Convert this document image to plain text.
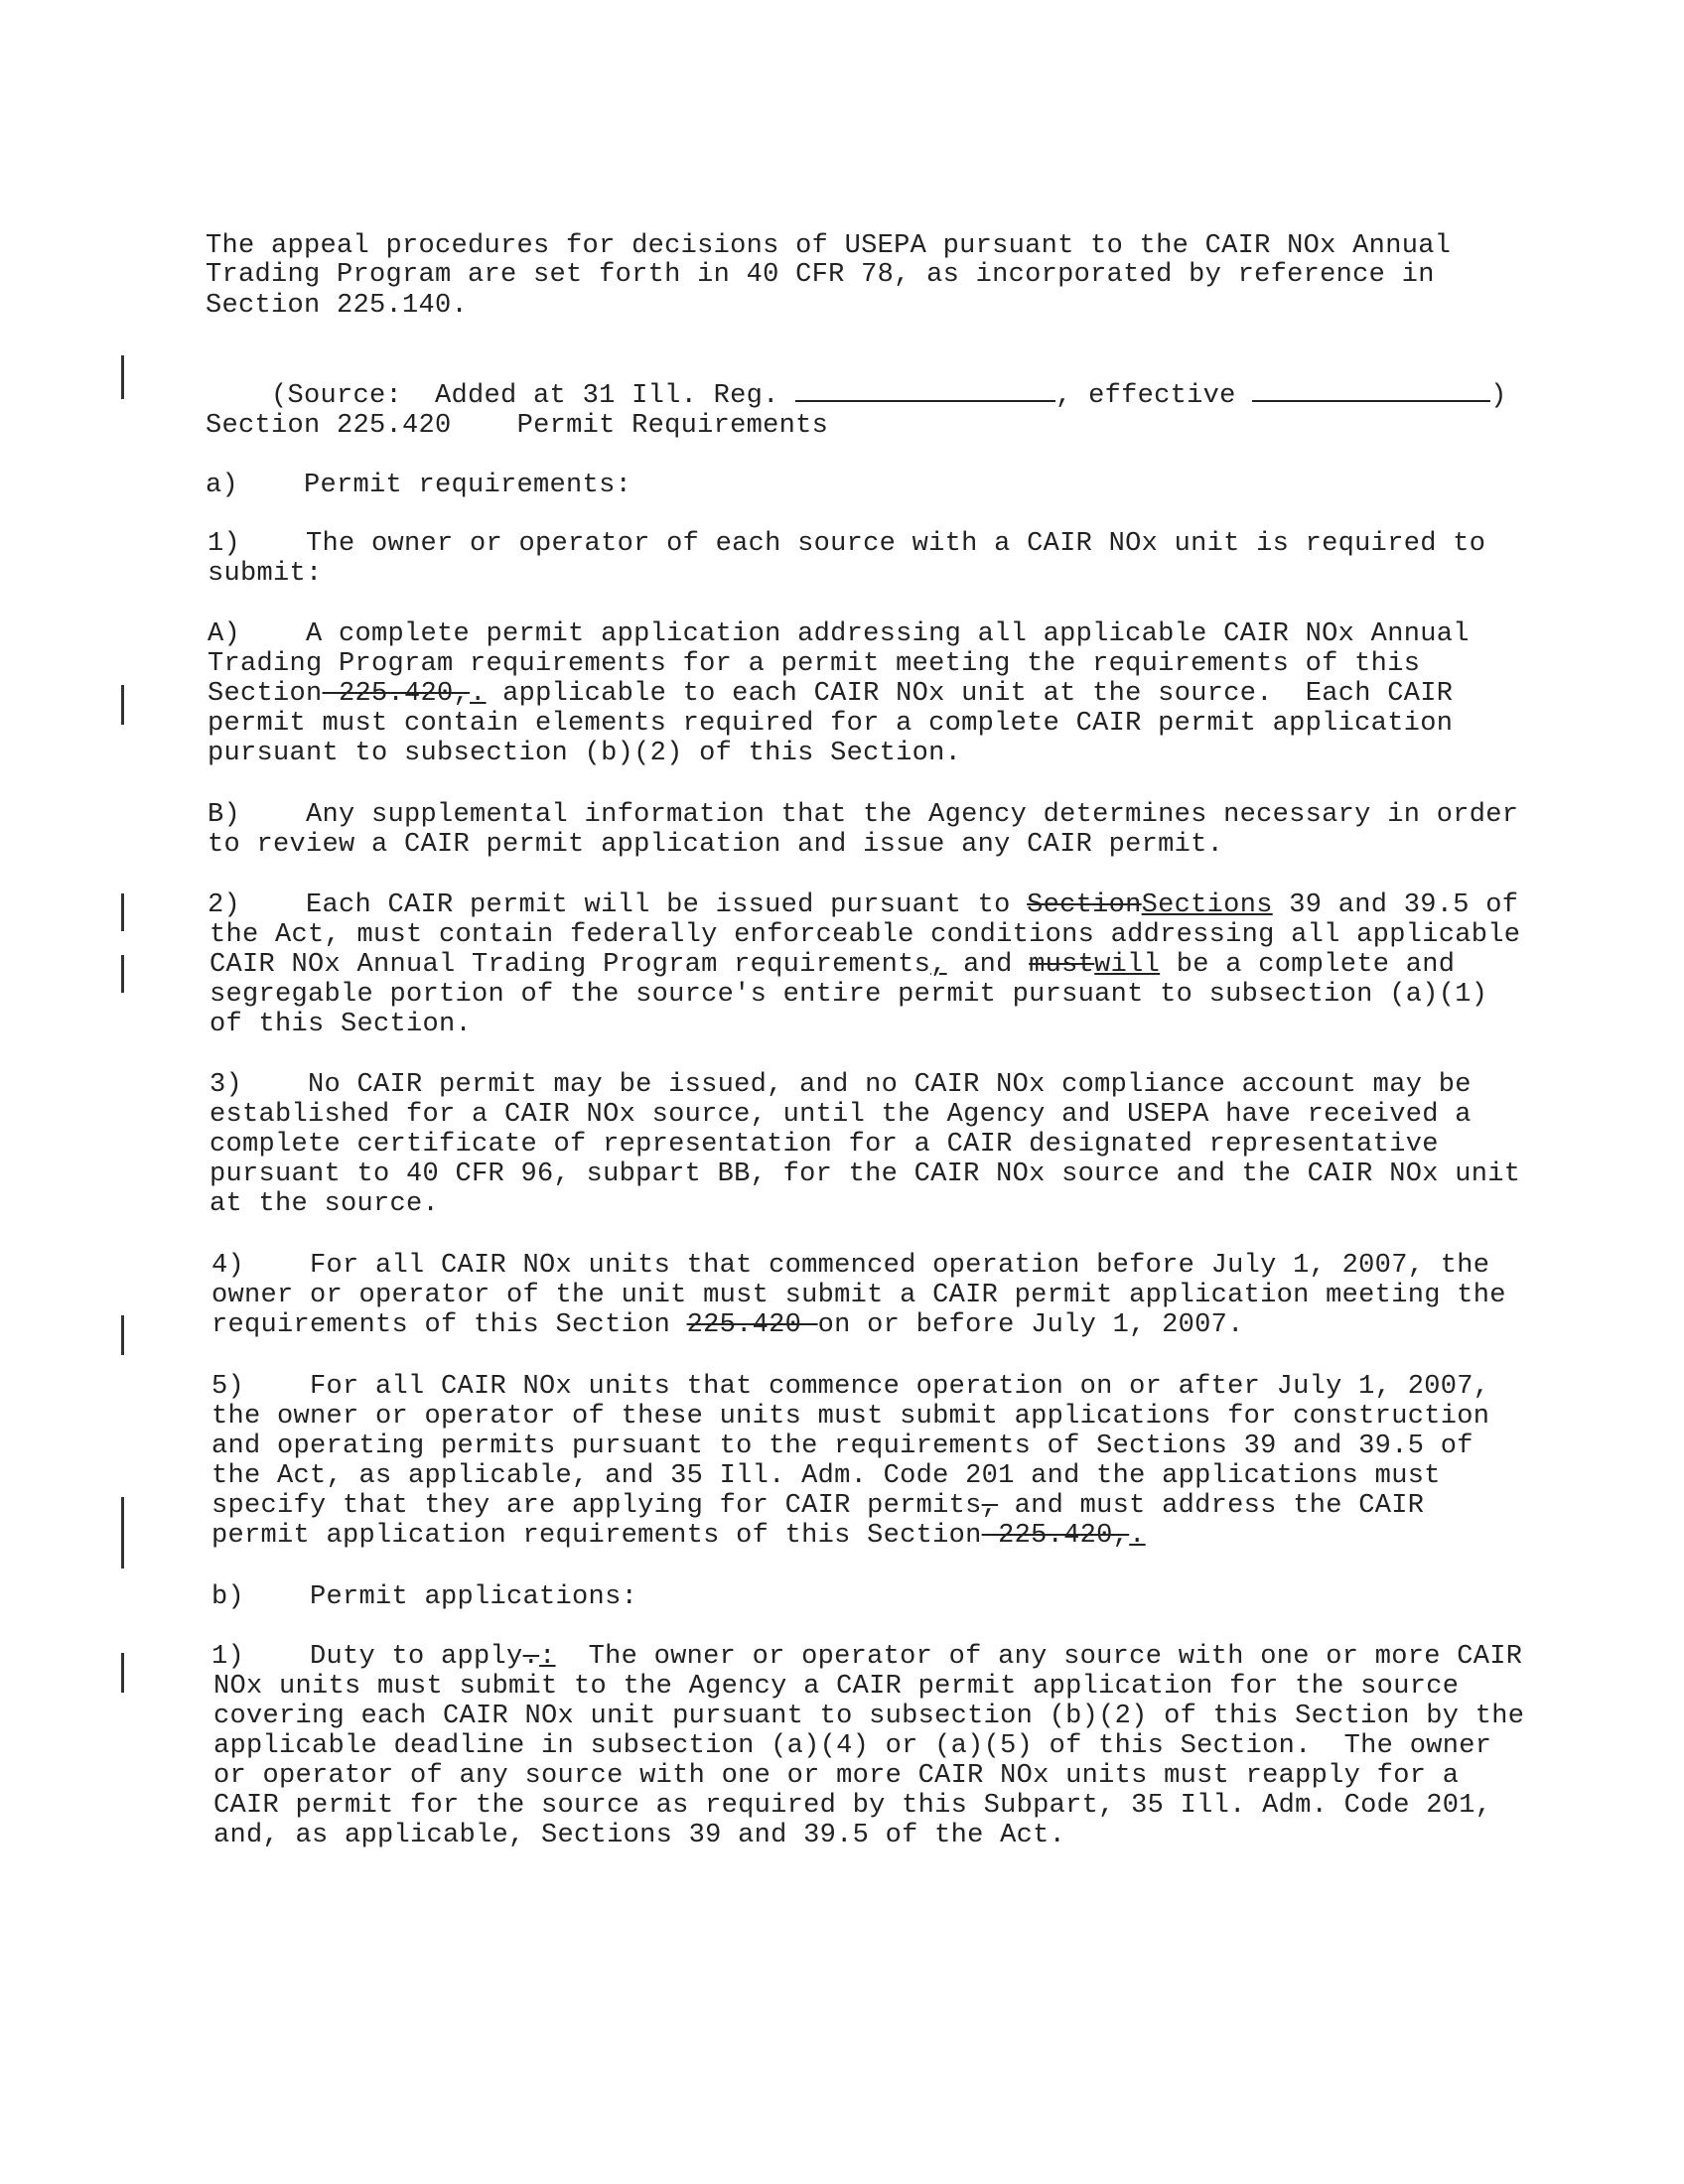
The appeal procedures for decisions of USEPA pursuant to the CAIR NOx Annual
Trading Program are set forth in 40 CFR 78, as incorporated by reference in
Section 225.140.

(Source:  Added at 31 Ill. Reg.	, effective	)

Section 225.420 Permit Requirements
a)    Permit requirements:
1)    The owner or operator of each source with a CAIR NOx unit is required to
submit:
A)    A complete permit application addressing all applicable CAIR NOx Annual
Trading Program requirements for a permit meeting the requirements of this
Section 225.420,. applicable to each CAIR NOx unit at the source.  Each CAIR
permit must contain elements required for a complete CAIR permit application
pursuant to subsection (b)(2) of this Section.
B)    Any supplemental information that the Agency determines necessary in order
to review a CAIR permit application and issue any CAIR permit.
2)    Each CAIR permit will be issued pursuant to SectionSections 39 and 39.5 of
the Act, must contain federally enforceable conditions addressing all applicable
CAIR NOx Annual Trading Program requirements, and mustwill be a complete and
segregable portion of the source's entire permit pursuant to subsection (a)(1)
of this Section.
3)    No CAIR permit may be issued, and no CAIR NOx compliance account may be
established for a CAIR NOx source, until the Agency and USEPA have received a
complete certificate of representation for a CAIR designated representative
pursuant to 40 CFR 96, subpart BB, for the CAIR NOx source and the CAIR NOx unit
at the source.
4)    For all CAIR NOx units that commenced operation before July 1, 2007, the
owner or operator of the unit must submit a CAIR permit application meeting the
requirements of this Section 225.420 on or before July 1, 2007.
5)    For all CAIR NOx units that commence operation on or after July 1, 2007,
the owner or operator of these units must submit applications for construction
and operating permits pursuant to the requirements of Sections 39 and 39.5 of
the Act, as applicable, and 35 Ill. Adm. Code 201 and the applications must
specify that they are applying for CAIR permits, and must address the CAIR
permit application requirements of this Section 225.420,.
b)    Permit applications:
1)    Duty to apply.:  The owner or operator of any source with one or more CAIR
NOx units must submit to the Agency a CAIR permit application for the source
covering each CAIR NOx unit pursuant to subsection (b)(2) of this Section by the
applicable deadline in subsection (a)(4) or (a)(5) of this Section.  The owner
or operator of any source with one or more CAIR NOx units must reapply for a
CAIR permit for the source as required by this Subpart, 35 Ill. Adm. Code 201,
and, as applicable, Sections 39 and 39.5 of the Act.
